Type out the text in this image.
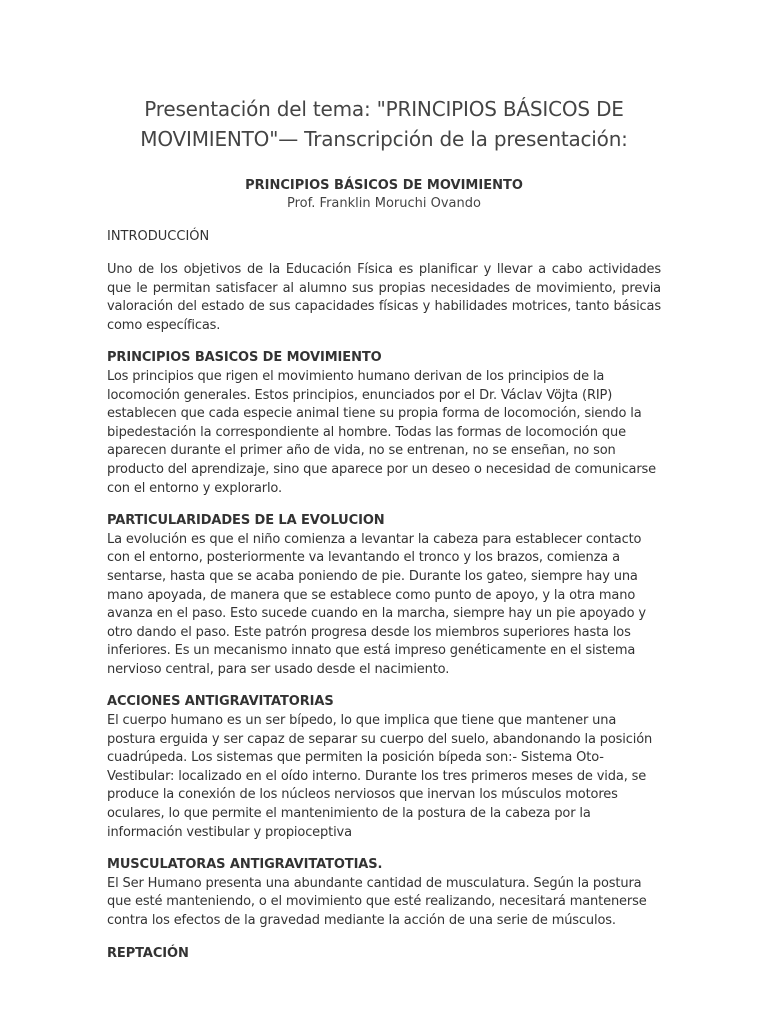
Presentación del tema: "PRINCIPIOS BÁSICOS DE MOVIMIENTO"— Transcripción de la presentación:
PRINCIPIOS BÁSICOS DE MOVIMIENTO
Prof. Franklin Moruchi Ovando
INTRODUCCIÓN

Uno de los objetivos de la Educación Física es planificar y llevar a cabo actividades que le permitan satisfacer al alumno sus propias necesidades de movimiento, previa valoración del estado de sus capacidades físicas y habilidades motrices, tanto básicas como específicas.

PRINCIPIOS BASICOS DE MOVIMIENTO

Los principios que rigen el movimiento humano derivan de los principios de la locomoción generales. Estos principios, enunciados por el Dr. Václav Vöjta (RIP) establecen que cada especie animal tiene su propia forma de locomoción, siendo la bipedestación la correspondiente al hombre. Todas las formas de locomoción que aparecen durante el primer año de vida, no se entrenan, no se enseñan, no son producto del aprendizaje, sino que aparece por un deseo o necesidad de comunicarse con el entorno y explorarlo.

PARTICULARIDADES DE LA EVOLUCION

La evolución es que el niño comienza a levantar la cabeza para establecer contacto con el entorno, posteriormente va levantando el tronco y los brazos, comienza a sentarse, hasta que se acaba poniendo de pie. Durante los gateo, siempre hay una mano apoyada, de manera que se establece como punto de apoyo, y la otra mano avanza en el paso. Esto sucede cuando en la marcha, siempre hay un pie apoyado y otro dando el paso. Este patrón progresa desde los miembros superiores hasta los inferiores. Es un mecanismo innato que está impreso genéticamente en el sistema nervioso central, para ser usado desde el nacimiento.

ACCIONES ANTIGRAVITATORIAS

El cuerpo humano es un ser bípedo, lo que implica que tiene que mantener una postura erguida y ser capaz de separar su cuerpo del suelo, abandonando la posición cuadrúpeda. Los sistemas que permiten la posición bípeda son:- Sistema Oto-Vestibular: localizado en el oído interno. Durante los tres primeros meses de vida, se produce la conexión de los núcleos nerviosos que inervan los músculos motores oculares, lo que permite el mantenimiento de la postura de la cabeza por la información vestibular y propioceptiva

MUSCULATORAS ANTIGRAVITATOTIAS.

El Ser Humano presenta una abundante cantidad de musculatura. Según la postura que esté manteniendo, o el movimiento que esté realizando, necesitará mantenerse contra los efectos de la gravedad mediante la acción de una serie de músculos.

REPTACIÓN
